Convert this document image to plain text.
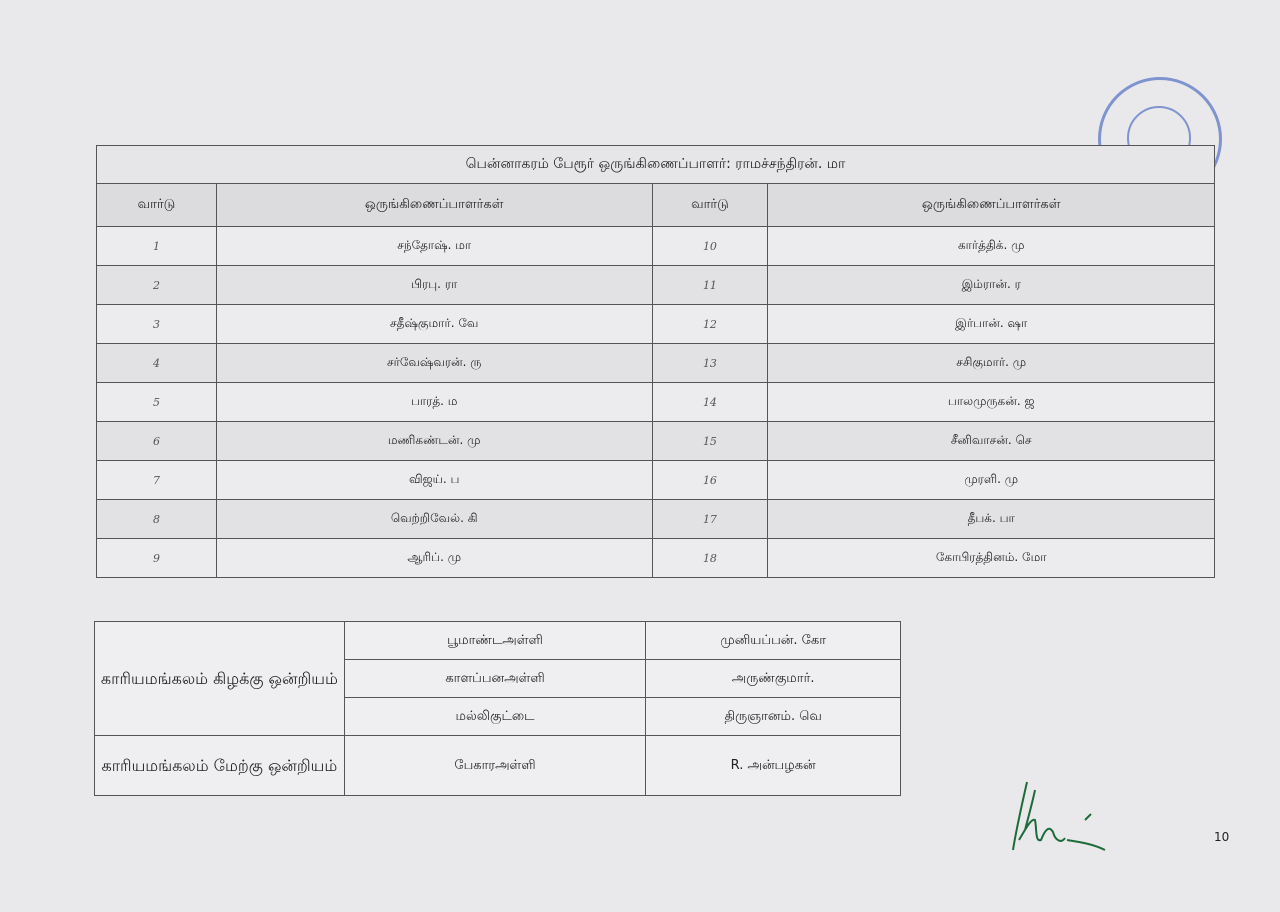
பென்னாகரம் பேரூர் ஒருங்கிணைப்பாளர்: ராமச்சந்திரன். மா			
வார்டு	ஒருங்கிணைப்பாளர்கள்	வார்டு	ஒருங்கிணைப்பாளர்கள்
1	சந்தோஷ். மா	10	கார்த்திக். மு
2	பிரபு. ரா	11	இம்ரான். ர
3	சதீஷ்குமார். வே	12	இர்பான். ஷா
4	சர்வேஷ்வரன். ரு	13	சசிகுமார். மு
5	பாரத். ம	14	பாலமுருகன். ஜ
6	மணிகண்டன். மு	15	சீனிவாசன். செ
7	விஜய். ப	16	முரளி. மு
8	வெற்றிவேல். கி	17	தீபக். பா
9	ஆரிப். மு	18	கோபிரத்தினம். மோ
காரியமங்கலம் கிழக்கு ஒன்றியம்	பூமாண்டஅள்ளி	முனியப்பன். கோ
	காளப்பனஅள்ளி	அருண்குமார்.
	மல்லிகுட்டை	திருஞானம். வெ
காரியமங்கலம் மேற்கு ஒன்றியம்	பேகாரஅள்ளி	R. அன்பழகன்
10
